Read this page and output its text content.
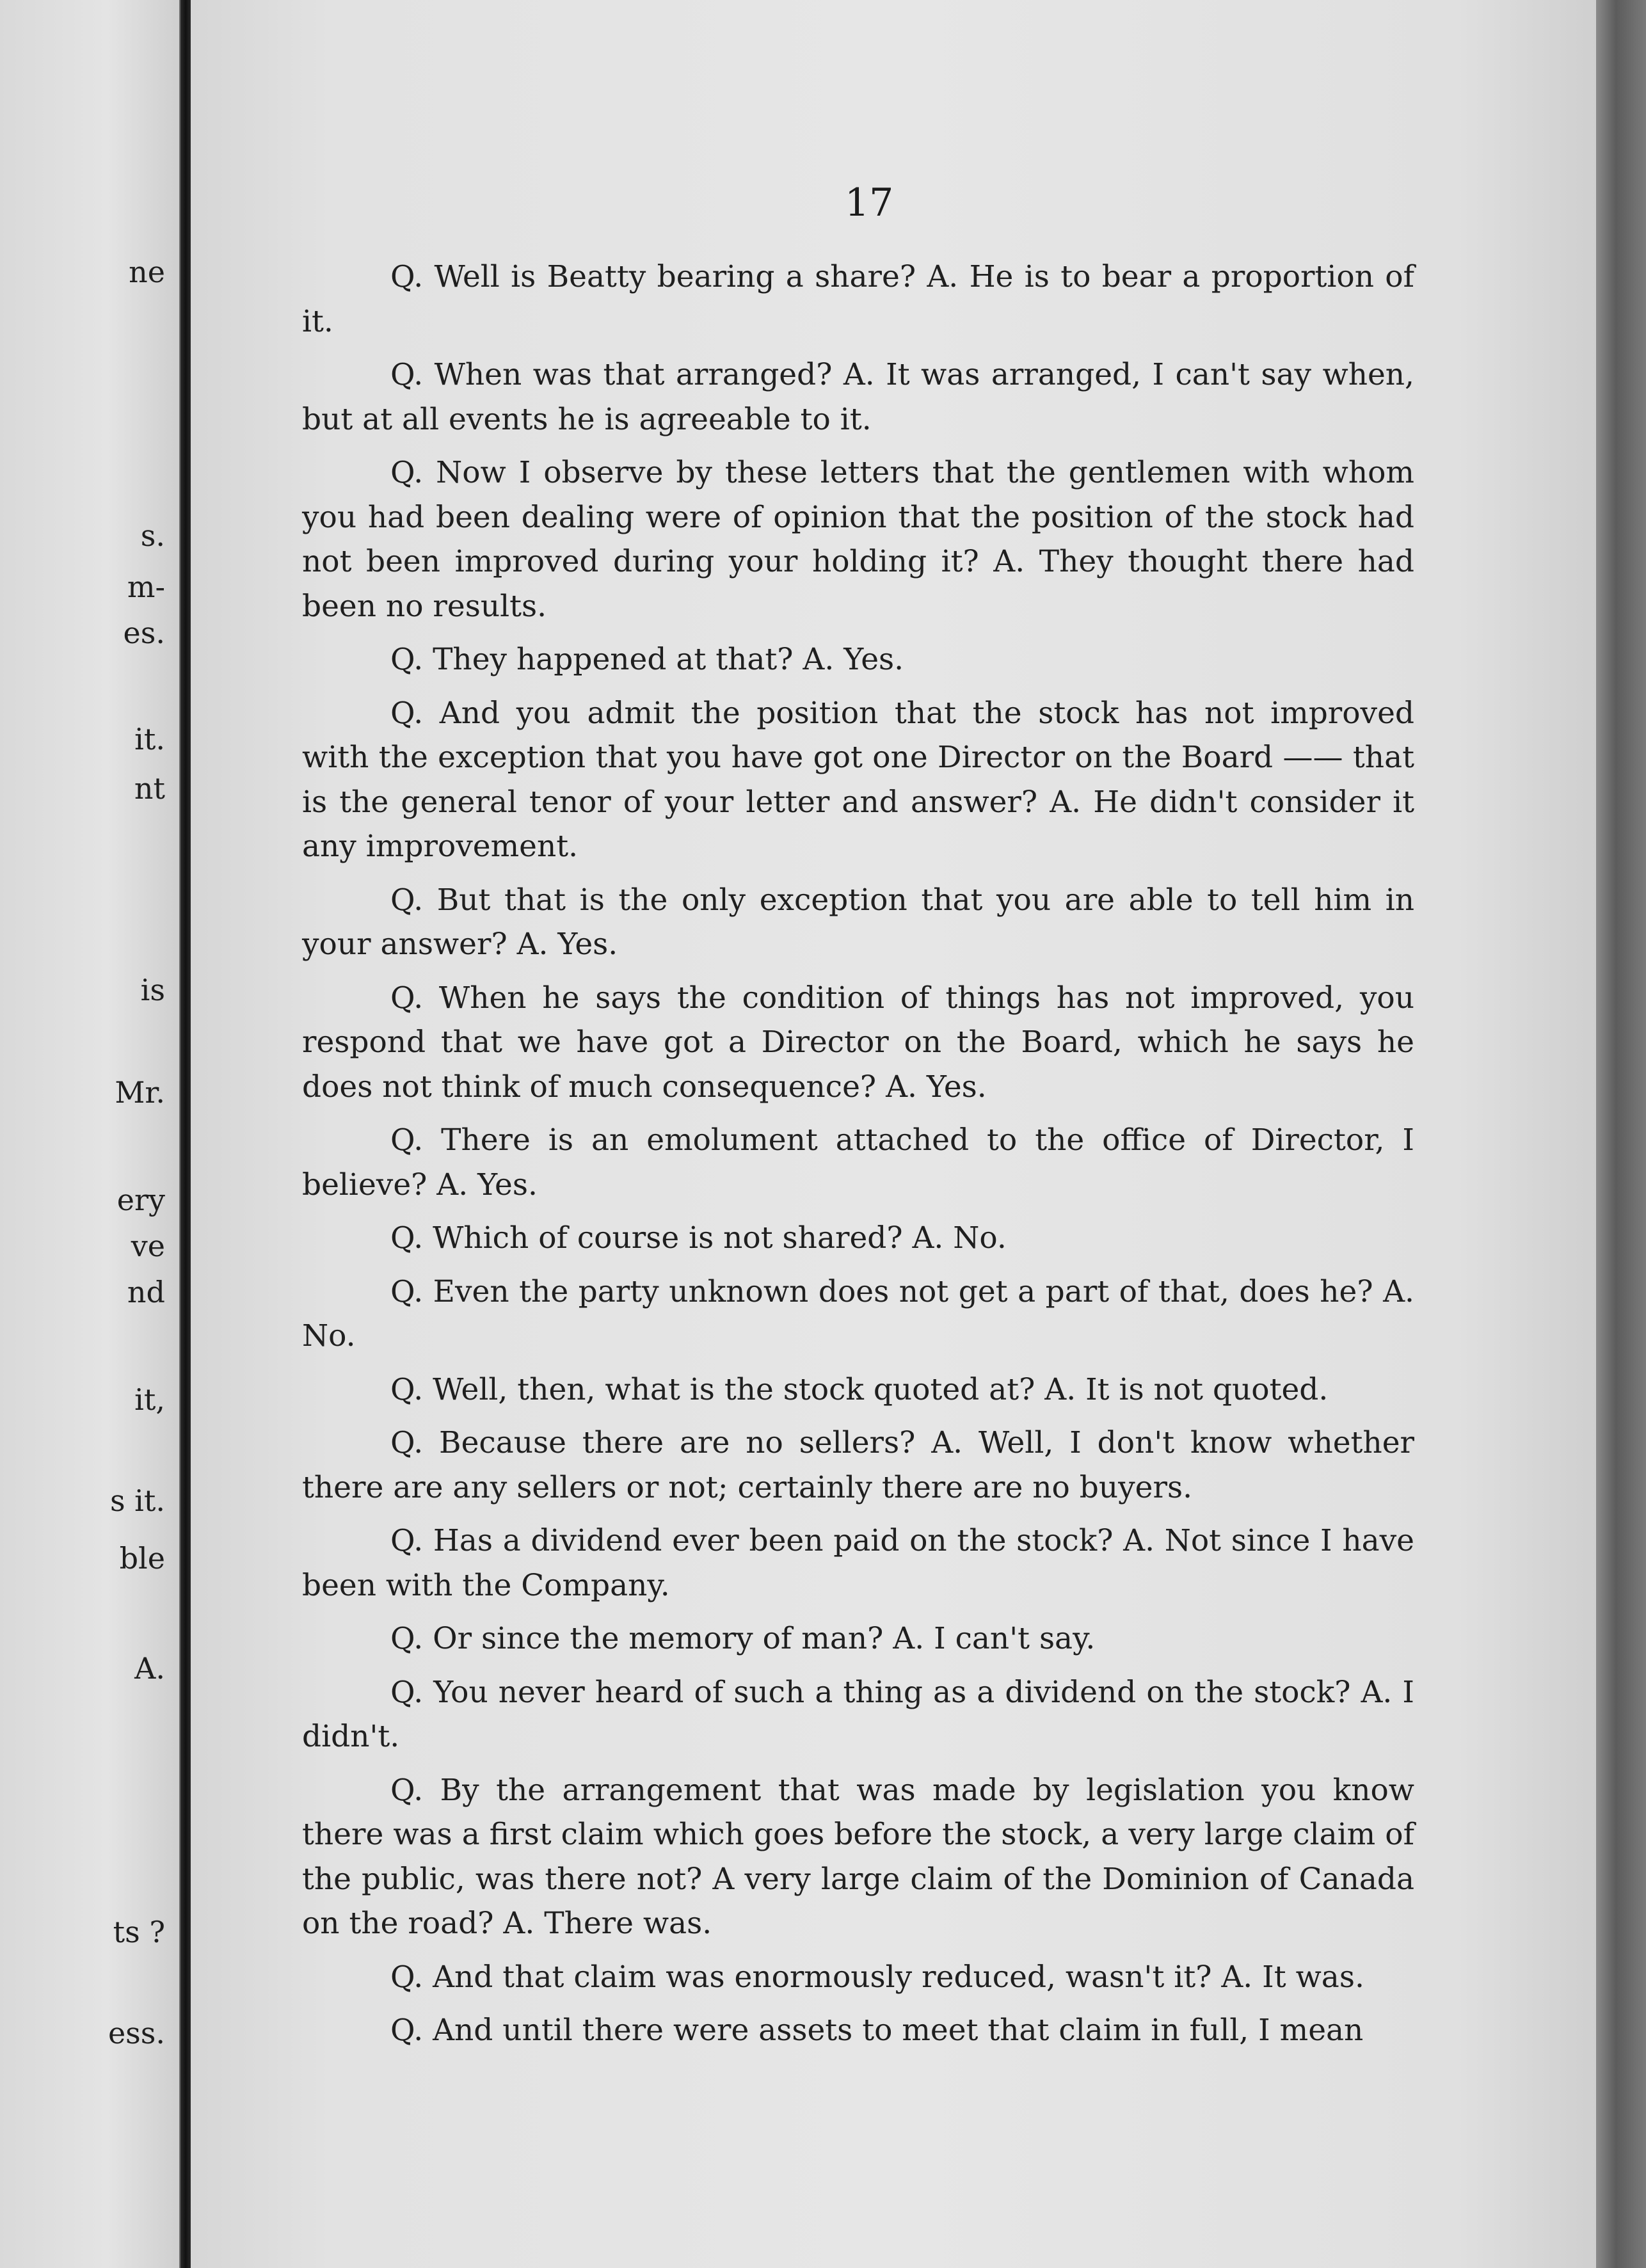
ne
s.
m-
es.
it.
nt
is
Mr.
ery
ve
nd
it,
s it.
ble
A.
ts ?
ess.
17

Q. Well is Beatty bearing a share? A. He is to bear a proportion of it.

Q. When was that arranged? A. It was arranged, I can't say when, but at all events he is agreeable to it.

Q. Now I observe by these letters that the gentlemen with whom you had been dealing were of opinion that the position of the stock had not been improved during your holding it? A. They thought there had been no results.

Q. They happened at that? A. Yes.

Q. And you admit the position that the stock has not improved with the exception that you have got one Director on the Board —— that is the general tenor of your letter and answer? A. He didn't consider it any improvement.

Q. But that is the only exception that you are able to tell him in your answer? A. Yes.

Q. When he says the condition of things has not improved, you respond that we have got a Director on the Board, which he says he does not think of much consequence? A. Yes.

Q. There is an emolument attached to the office of Director, I believe? A. Yes.

Q. Which of course is not shared? A. No.

Q. Even the party unknown does not get a part of that, does he? A. No.

Q. Well, then, what is the stock quoted at? A. It is not quoted.

Q. Because there are no sellers? A. Well, I don't know whether there are any sellers or not; certainly there are no buyers.

Q. Has a dividend ever been paid on the stock? A. Not since I have been with the Company.

Q. Or since the memory of man? A. I can't say.

Q. You never heard of such a thing as a dividend on the stock? A. I didn't.

Q. By the arrangement that was made by legislation you know there was a first claim which goes before the stock, a very large claim of the public, was there not? A very large claim of the Dominion of Canada on the road? A. There was.

Q. And that claim was enormously reduced, wasn't it? A. It was.

Q. And until there were assets to meet that claim in full, I mean
